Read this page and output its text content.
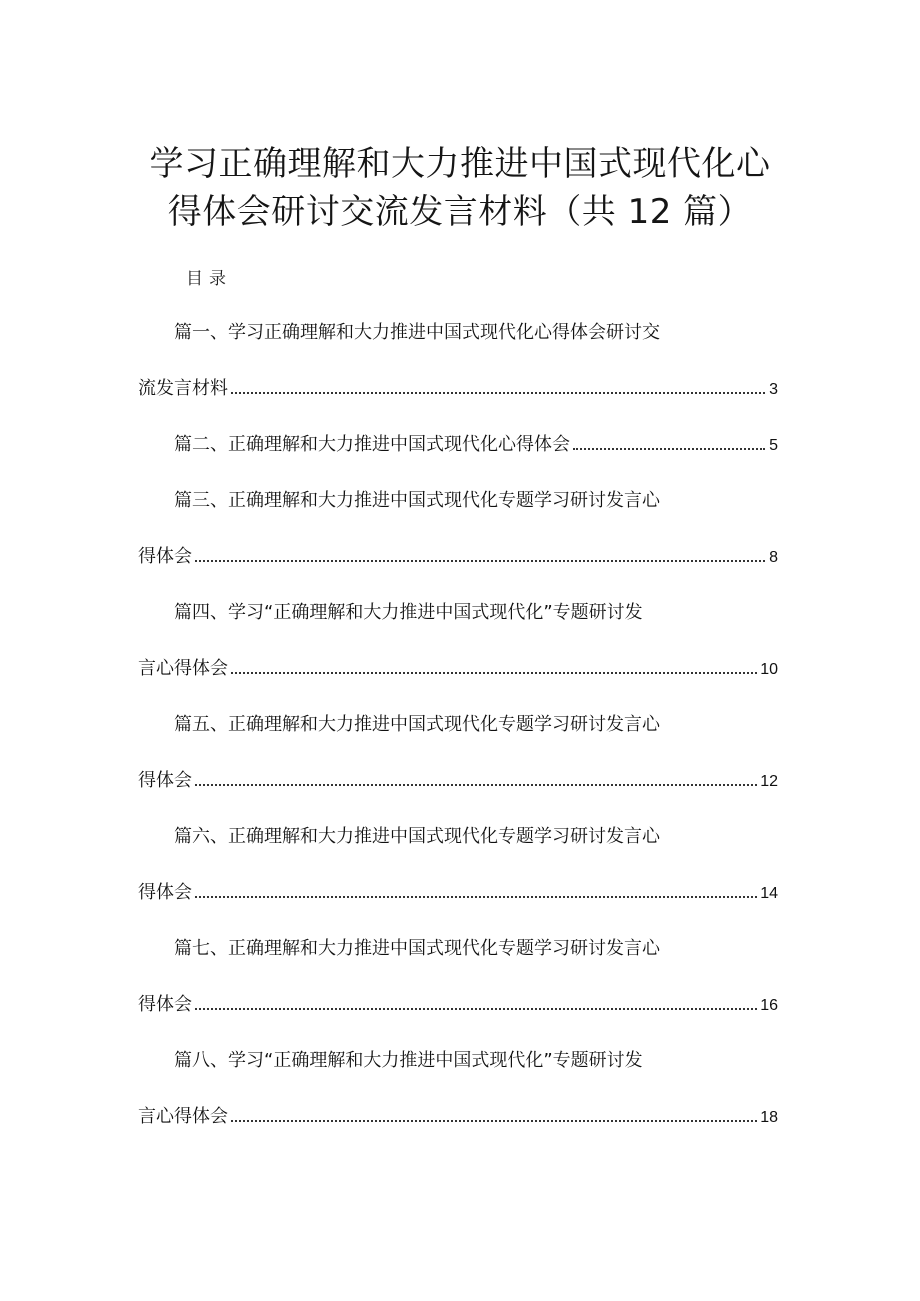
学习正确理解和大力推进中国式现代化心
得体会研讨交流发言材料（共 12 篇）
目录
篇一、学习正确理解和大力推进中国式现代化心得体会研讨交
流发言材料	3
篇二、正确理解和大力推进中国式现代化心得体会	5
篇三、正确理解和大力推进中国式现代化专题学习研讨发言心
得体会	8
篇四、学习“正确理解和大力推进中国式现代化”专题研讨发
言心得体会	10
篇五、正确理解和大力推进中国式现代化专题学习研讨发言心
得体会	12
篇六、正确理解和大力推进中国式现代化专题学习研讨发言心
得体会	14
篇七、正确理解和大力推进中国式现代化专题学习研讨发言心
得体会	16
篇八、学习“正确理解和大力推进中国式现代化”专题研讨发
言心得体会	18
